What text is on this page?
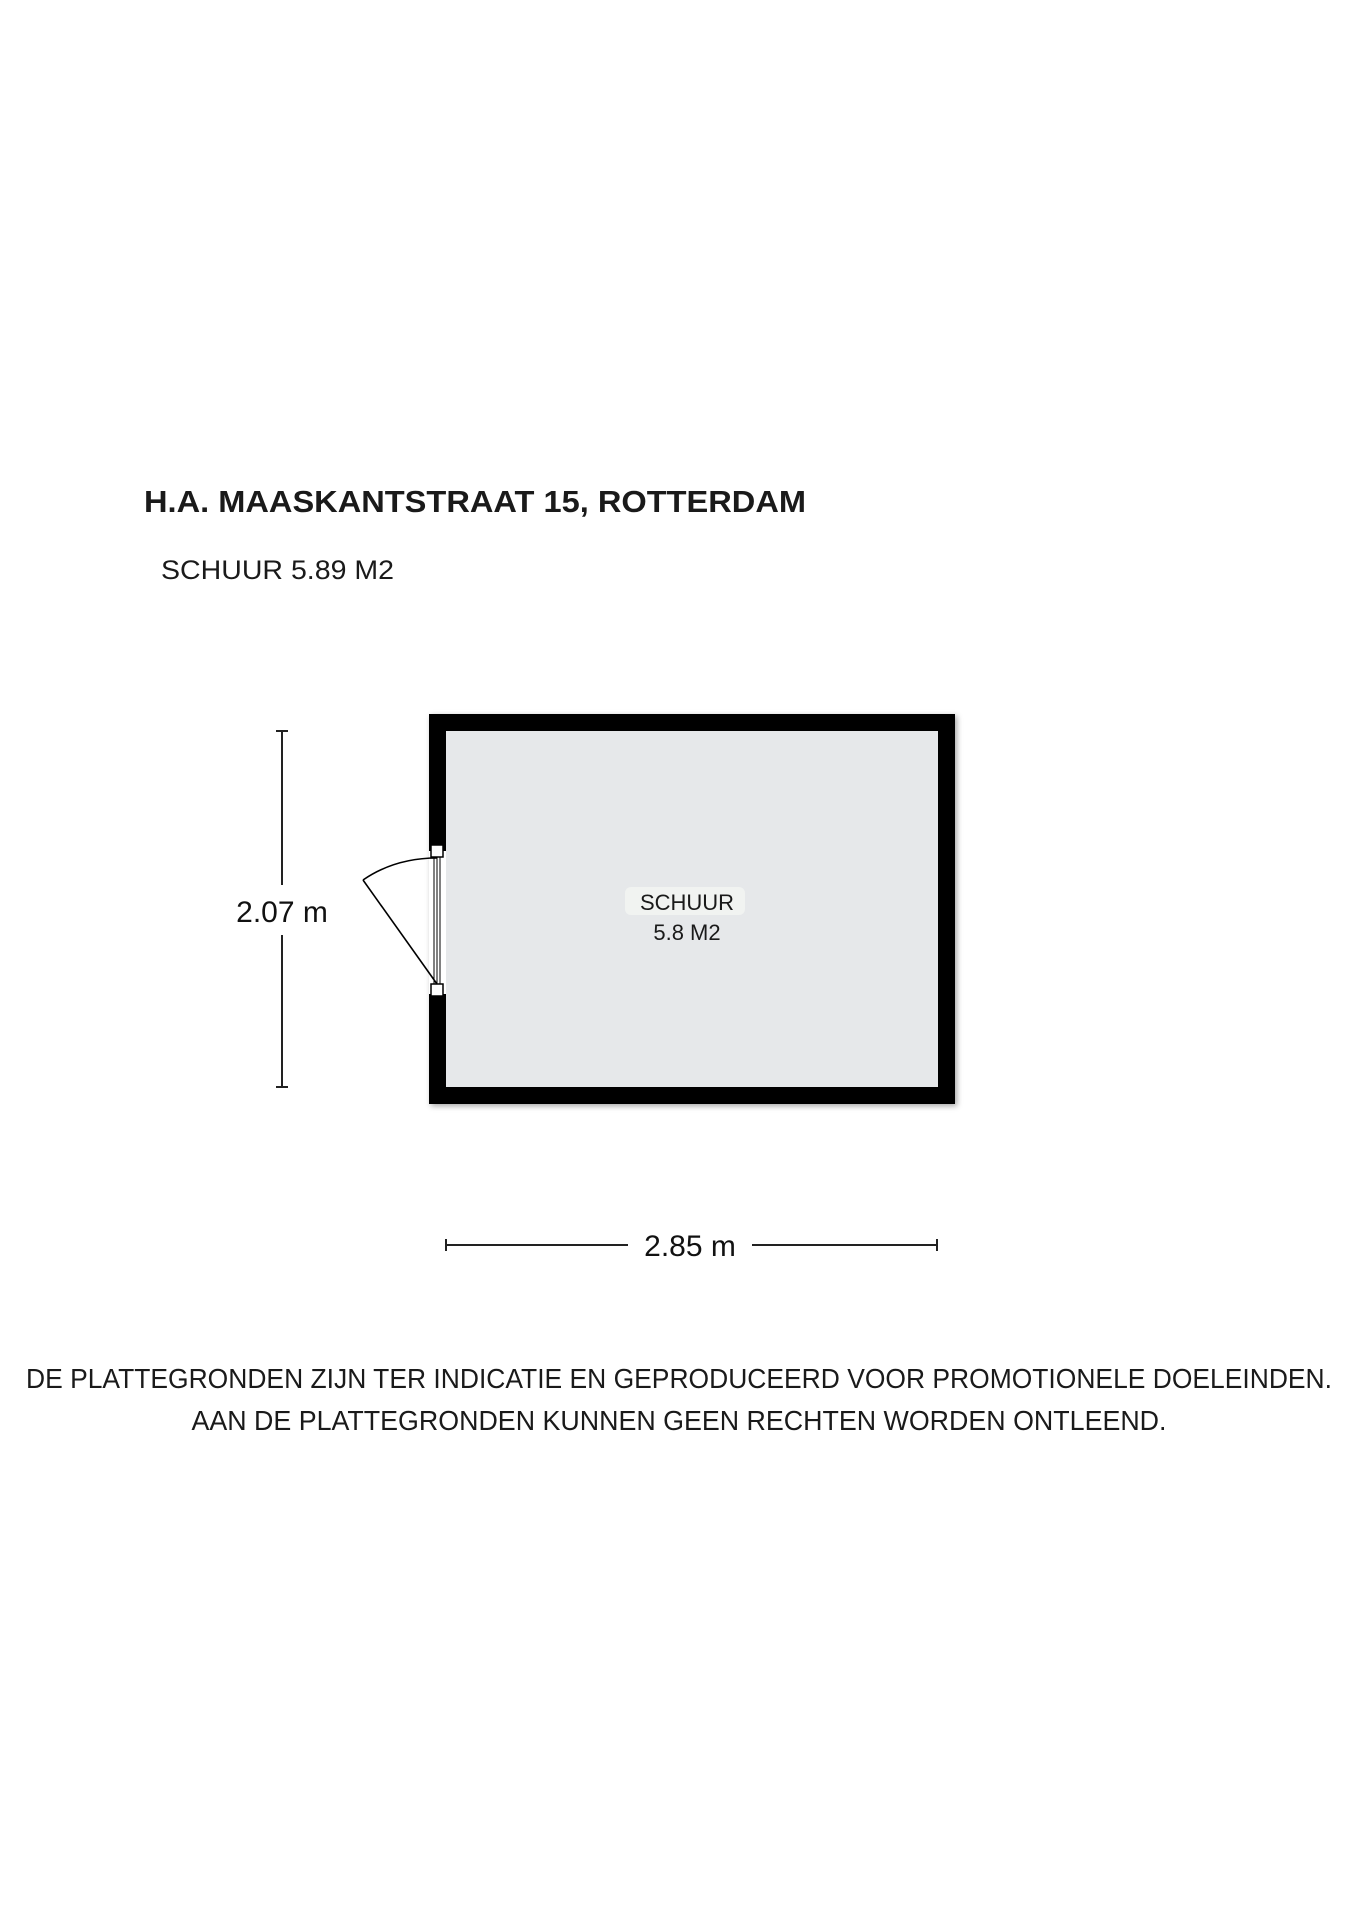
H.A. MAASKANTSTRAAT 15, ROTTERDAM
SCHUUR 5.89 M2
SCHUUR
5.8 M2
2.07 m
2.85 m
DE PLATTEGRONDEN ZIJN TER INDICATIE EN GEPRODUCEERD VOOR PROMOTIONELE DOELEINDEN.
AAN DE PLATTEGRONDEN KUNNEN GEEN RECHTEN WORDEN ONTLEEND.
